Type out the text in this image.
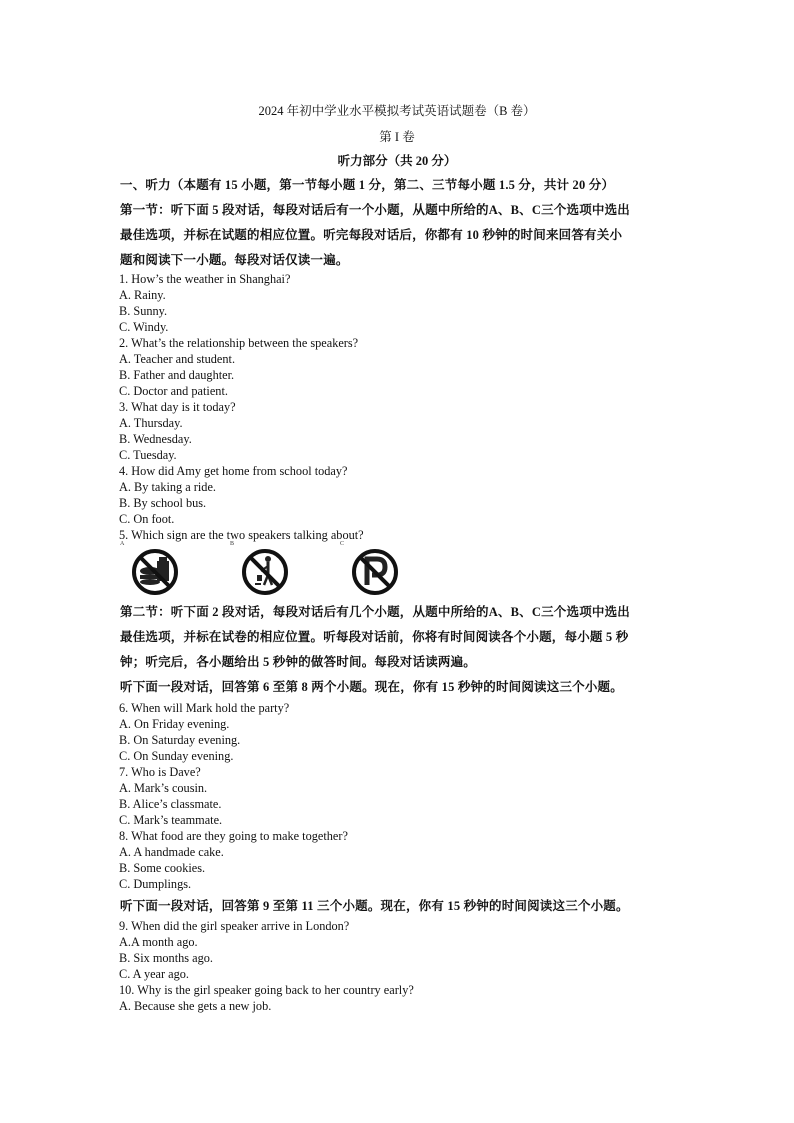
2024 年初中学业水平模拟考试英语试题卷（B 卷）
第 I 卷
听力部分（共 20 分）
一、听力（本题有 15 小题，第一节每小题 1 分，第二、三节每小题 1.5 分，共计 20 分）
第一节：听下面 5 段对话，每段对话后有一个小题，从题中所给的A、B、C三个选项中选出
最佳选项，并标在试题的相应位置。听完每段对话后，你都有 10 秒钟的时间来回答有关小
题和阅读下一小题。每段对话仅读一遍。
1. How’s the weather in Shanghai?
A. Rainy.
B. Sunny.
C. Windy.
2. What’s the relationship between the speakers?
A. Teacher and student.
B. Father and daughter.
C. Doctor and patient.
3. What day is it today?
A. Thursday.
B. Wednesday.
C. Tuesday.
4. How did Amy get home from school today?
A. By taking a ride.
B. By school bus.
C. On foot.
5. Which sign are the two speakers talking about?
A	B	C
第二节：听下面 2 段对话，每段对话后有几个小题，从题中所给的A、B、C三个选项中选出
最佳选项，并标在试卷的相应位置。听每段对话前，你将有时间阅读各个小题，每小题 5 秒
钟；听完后，各小题给出 5 秒钟的做答时间。每段对话读两遍。
听下面一段对话，回答第 6 至第 8 两个小题。现在，你有 15 秒钟的时间阅读这三个小题。
6. When will Mark hold the party?
A. On Friday evening.
B. On Saturday evening.
C. On Sunday evening.
7. Who is Dave?
A. Mark’s cousin.
B. Alice’s classmate.
C. Mark’s teammate.
8. What food are they going to make together?
A. A handmade cake.
B. Some cookies.
C. Dumplings.
听下面一段对话，回答第 9 至第 11 三个小题。现在，你有 15 秒钟的时间阅读这三个小题。
9. When did the girl speaker arrive in London?
A.A month ago.
B. Six months ago.
C. A year ago.
10. Why is the girl speaker going back to her country early?
A. Because she gets a new job.
